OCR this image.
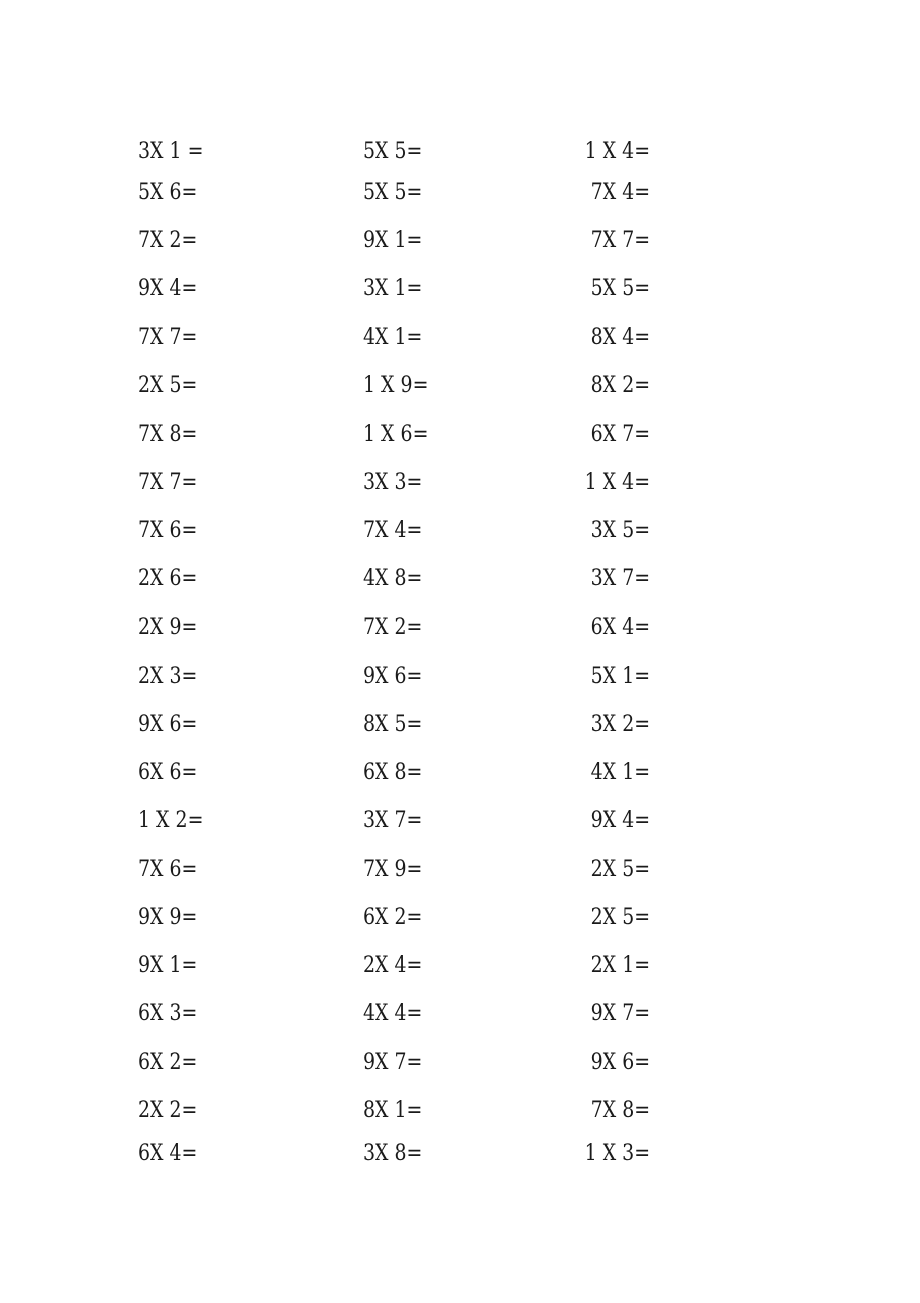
3X 1 =	5X 5=	1 X 4=
5X 6=	5X 5=	7X 4=
7X 2=	9X 1=	7X 7=
9X 4=	3X 1=	5X 5=
7X 7=	4X 1=	8X 4=
2X 5=	1 X 9=	8X 2=
7X 8=	1 X 6=	6X 7=
7X 7=	3X 3=	1 X 4=
7X 6=	7X 4=	3X 5=
2X 6=	4X 8=	3X 7=
2X 9=	7X 2=	6X 4=
2X 3=	9X 6=	5X 1=
9X 6=	8X 5=	3X 2=
6X 6=	6X 8=	4X 1=
1 X 2=	3X 7=	9X 4=
7X 6=	7X 9=	2X 5=
9X 9=	6X 2=	2X 5=
9X 1=	2X 4=	2X 1=
6X 3=	4X 4=	9X 7=
6X 2=	9X 7=	9X 6=
2X 2=	8X 1=	7X 8=
6X 4=	3X 8=	1 X 3=
